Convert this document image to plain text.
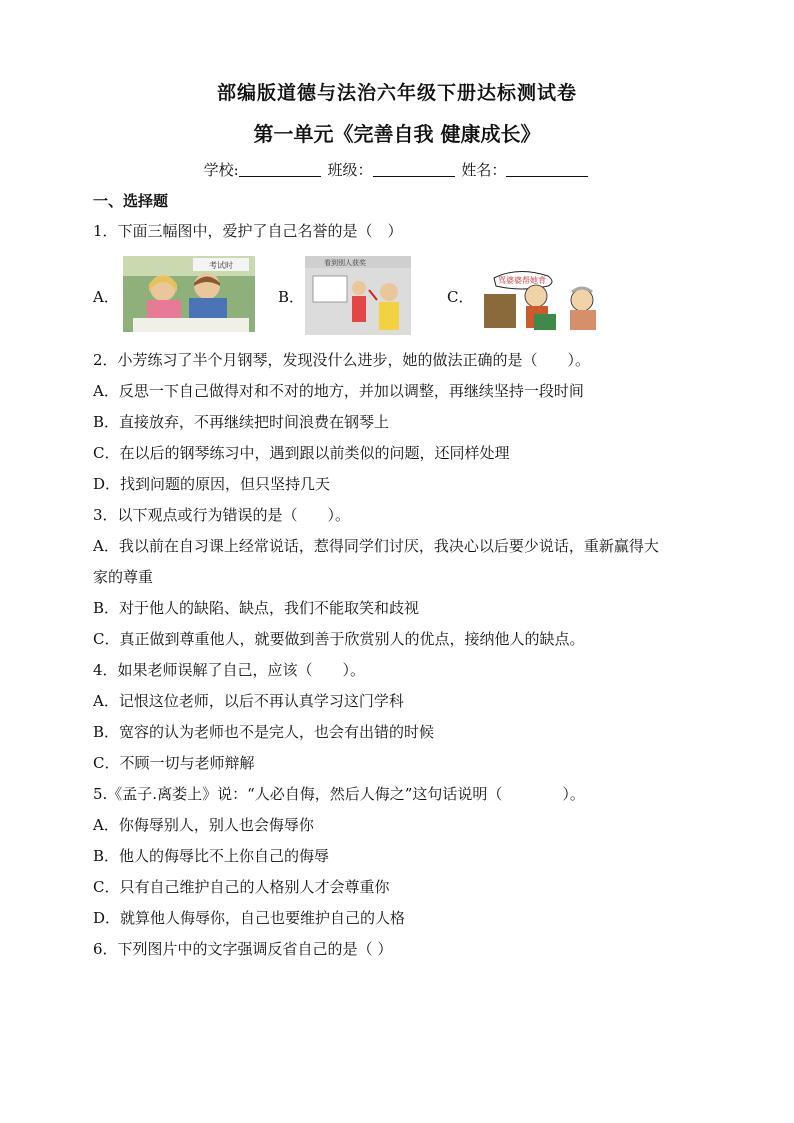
部编版道德与法治六年级下册达标测试卷
第一单元《完善自我 健康成长》
学校:	班级：	姓名：
一、选择题
1．下面三幅图中，爱护了自己名誉的是（　）
A．
考试时
B．
看到别人获奖
C．
骂婆婆帮她背
2．小芳练习了半个月钢琴，发现没什么进步，她的做法正确的是（　　）。
A．反思一下自己做得对和不对的地方，并加以调整，再继续坚持一段时间
B．直接放弃，不再继续把时间浪费在钢琴上
C．在以后的钢琴练习中，遇到跟以前类似的问题，还同样处理
D．找到问题的原因，但只坚持几天
3．以下观点或行为错误的是（　　）。
A．我以前在自习课上经常说话，惹得同学们讨厌，我决心以后要少说话，重新赢得大
家的尊重
B．对于他人的缺陷、缺点，我们不能取笑和歧视
C．真正做到尊重他人，就要做到善于欣赏别人的优点，接纳他人的缺点。
4．如果老师误解了自己，应该（　　）。
A．记恨这位老师，以后不再认真学习这门学科
B．宽容的认为老师也不是完人，也会有出错的时候
C．不顾一切与老师辩解
5.《孟子.离娄上》说：“人必自侮，然后人侮之”这句话说明（　　　　）。
A．你侮辱别人，别人也会侮辱你
B．他人的侮辱比不上你自己的侮辱
C．只有自己维护自己的人格别人才会尊重你
D．就算他人侮辱你，自己也要维护自己的人格
6．下列图片中的文字强调反省自己的是（ ）
